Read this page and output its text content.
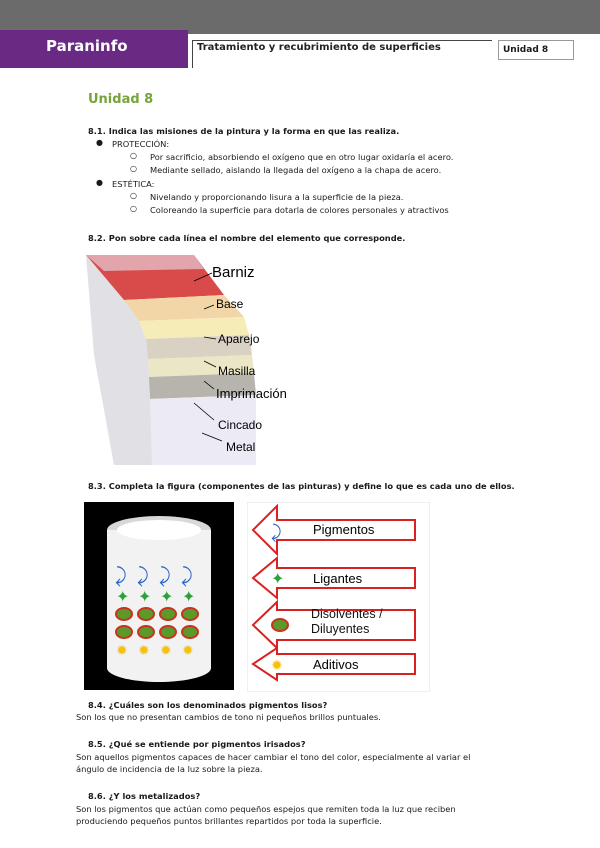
Paraninfo	Tratamiento y recubrimiento de superficies	Unidad 8
Unidad 8
8.1. Indica las misiones de la pintura y la forma en que las realiza.
● PROTECCIÓN:
○ Por sacrificio, absorbiendo el oxígeno que en otro lugar oxidaría el acero.
○ Mediante sellado, aislando la llegada del oxígeno a la chapa de acero.
● ESTÉTICA:
○ Nivelando y proporcionando lisura a la superficie de la pieza.
○ Coloreando la superficie para dotarla de colores personales y atractivos
8.2. Pon sobre cada línea el nombre del elemento que corresponde.
Barniz
Base
Aparejo
Masilla
Imprimación
Cincado
Metal
8.3. Completa la figura (componentes de las pinturas) y define lo que es cada uno de ellos.
⤸ ⤸ ⤸ ⤸
✦ ✦ ✦ ✦
✹ ✹ ✹ ✹
⤸
✦
✹
Pigmentos
Ligantes
Disolventes / Diluyentes
Aditivos
8.4. ¿Cuáles son los denominados pigmentos lisos?
Son los que no presentan cambios de tono ni pequeños brillos puntuales.
8.5. ¿Qué se entiende por pigmentos irisados?
Son aquellos pigmentos capaces de hacer cambiar el tono del color, especialmente al variar el
ángulo de incidencia de la luz sobre la pieza.
8.6. ¿Y los metalizados?
Son los pigmentos que actúan como pequeños espejos que remiten toda la luz que reciben
produciendo pequeños puntos brillantes repartidos por toda la superficie.
